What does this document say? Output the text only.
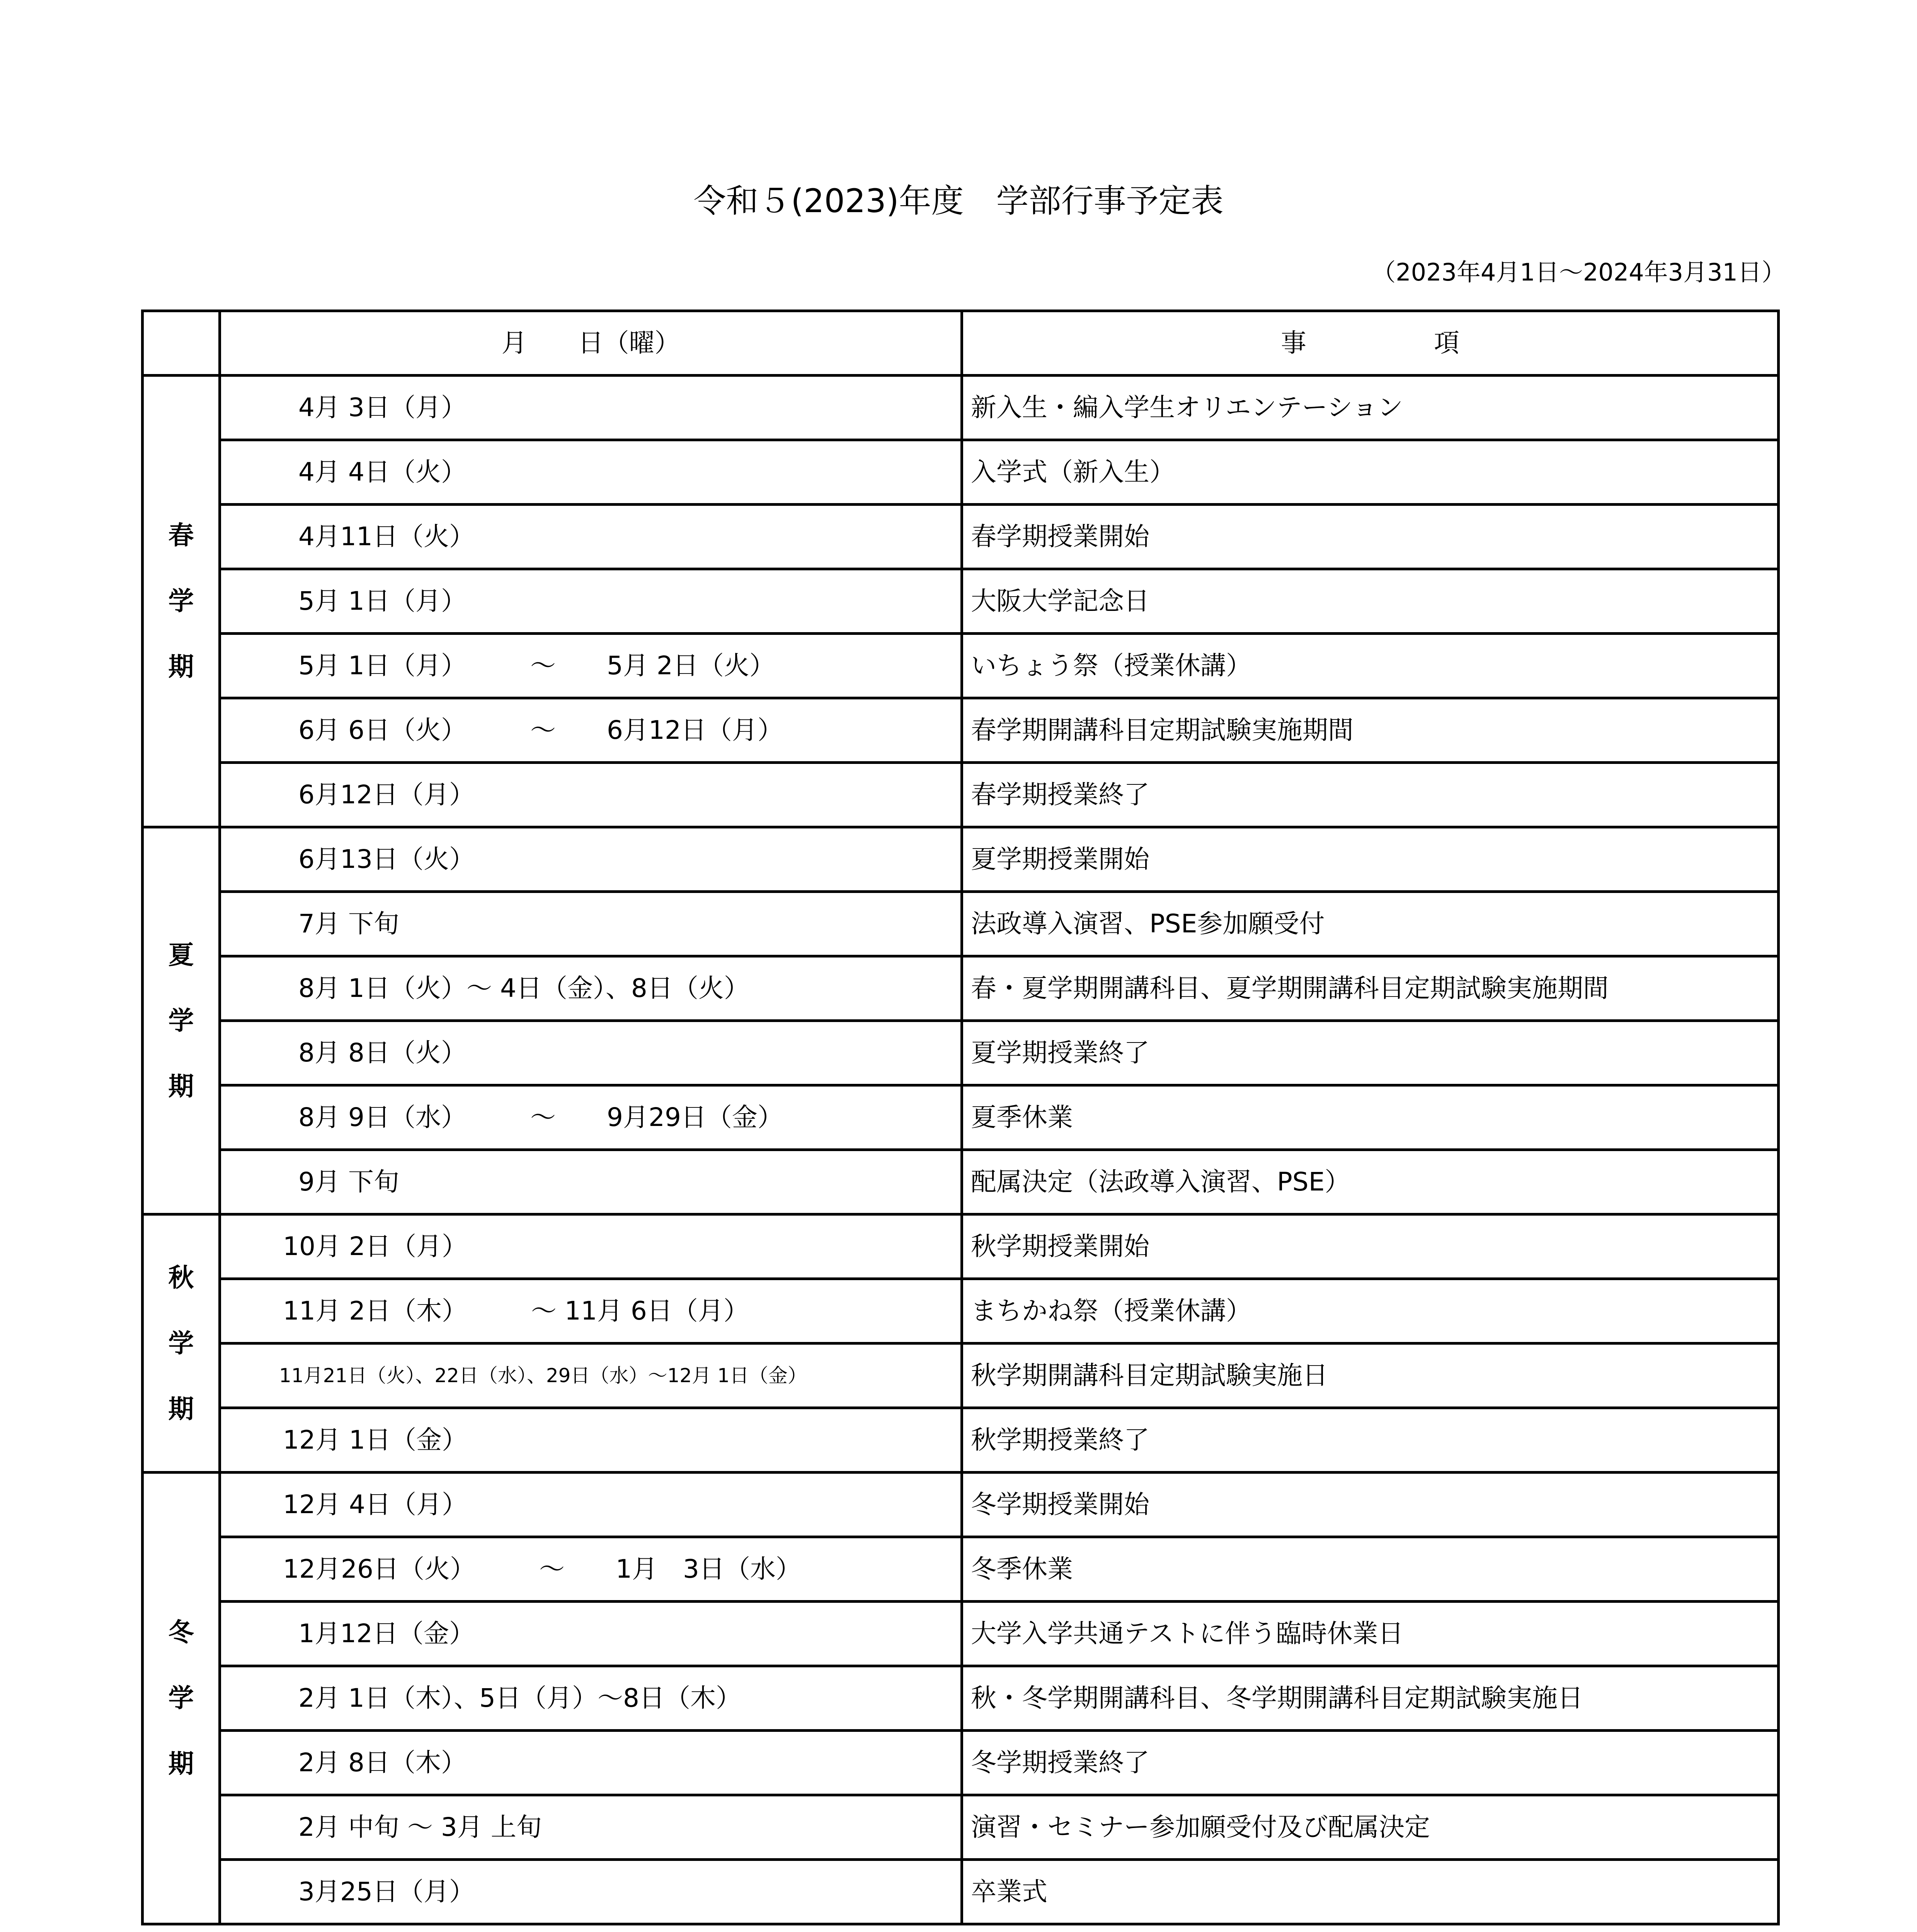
令和５(2023)年度　学部行事予定表
（2023年4月1日～2024年3月31日）
	月　　日（曜）	事　　　　　項

春
学
期	4月 3日（月）	新入生・編入学生オリエンテーション
	4月 4日（火）	入学式（新入生）
	4月11日（火）	春学期授業開始
	5月 1日（月）	大阪大学記念日
	5月 1日（月）　　　～　　5月 2日（火）	いちょう祭（授業休講）
	6月 6日（火）　　　～　　6月12日（月）	春学期開講科目定期試験実施期間
	6月12日（月）	春学期授業終了

夏
学
期	6月13日（火）	夏学期授業開始
	7月 下旬	法政導入演習、PSE参加願受付
	8月 1日（火）～ 4日（金）、8日（火）	春・夏学期開講科目、夏学期開講科目定期試験実施期間
	8月 8日（火）	夏学期授業終了
	8月 9日（水）　　　～　　9月29日（金）	夏季休業
	9月 下旬	配属決定（法政導入演習、PSE）

秋
学
期	10月 2日（月）	秋学期授業開始
	11月 2日（木）　　　～ 11月 6日（月）	まちかね祭（授業休講）
	11月21日（火）、22日（水）、29日（水）～12月 1日（金）	秋学期開講科目定期試験実施日
	12月 1日（金）	秋学期授業終了

冬
学
期	12月 4日（月）	冬学期授業開始
	12月26日（火）　　　～　　1月　3日（水）	冬季休業
	1月12日（金）	大学入学共通テストに伴う臨時休業日
	2月 1日（木）、5日（月）～8日（木）	秋・冬学期開講科目、冬学期開講科目定期試験実施日
	2月 8日（木）	冬学期授業終了
	2月 中旬 ～ 3月 上旬	演習・セミナー参加願受付及び配属決定
	3月25日（月）	卒業式
